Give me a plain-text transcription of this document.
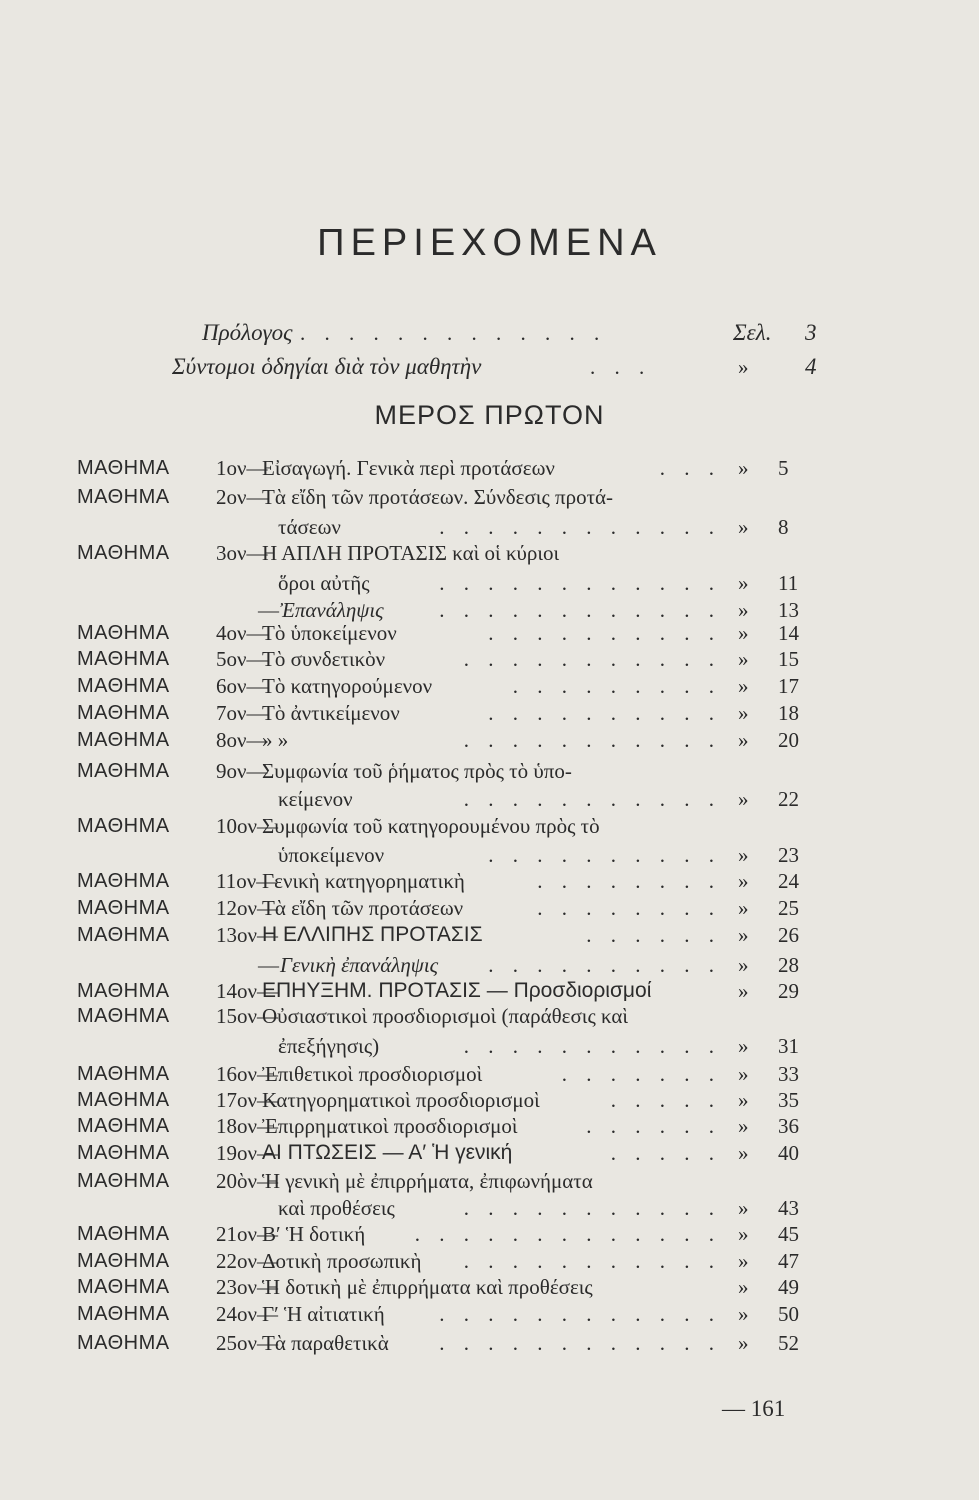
ΠΕΡΙΕΧΟΜΕΝΑ
Πρόλογος . . . . . . . . . . . . .	Σελ. 3
Σύντομοι ὁδηγίαι διὰ τὸν μαθητὴν	. . .	» 4
ΜΕΡΟΣ ΠΡΩΤΟΝ
ΜΑΘΗΜΑ 1ον—
Εἰσαγωγή. Γενικὰ περὶ προτάσεων	. . . » 5
ΜΑΘΗΜΑ 2ον—
Τὰ εἴδη τῶν προτάσεων. Σύνδεσις προτά-
τάσεων	. . . . . . . . . . . . » 8
ΜΑΘΗΜΑ 3ον—
Η ΑΠΛΗ ΠΡΟΤΑΣΙΣ καὶ οἱ κύριοι
ὅροι αὐτῆς	. . . . . . . . . . . . » 11
— Ἐπανάληψις	. . . . . . . . . . . . » 13
ΜΑΘΗΜΑ 4ον—
Τὸ ὑποκείμενον	. . . . . . . . . . » 14
ΜΑΘΗΜΑ 5ον—
Τὸ συνδετικὸν	. . . . . . . . . . . » 15
ΜΑΘΗΜΑ 6ον—
Τὸ κατηγορούμενον	. . . . . . . . . » 17
ΜΑΘΗΜΑ 7ον—
Τὸ ἀντικείμενον	. . . . . . . . . . » 18
ΜΑΘΗΜΑ 8ον—
» »	. . . . . . . . . . . » 20
ΜΑΘΗΜΑ 9ον—
Συμφωνία τοῦ ῥήματος πρὸς τὸ ὑπο-
κείμενον	. . . . . . . . . . . » 22
ΜΑΘΗΜΑ 10ον—
Συμφωνία τοῦ κατηγορουμένου πρὸς τὸ
ὑποκείμενον	. . . . . . . . . . » 23
ΜΑΘΗΜΑ 11ον—
Γενικὴ κατηγορηματικὴ	. . . . . . . . » 24
ΜΑΘΗΜΑ 12ον—
Τὰ εἴδη τῶν προτάσεων	. . . . . . . . » 25
ΜΑΘΗΜΑ 13ον—
Η ΕΛΛΙΠΗΣ ΠΡΟΤΑΣΙΣ	. . . . . . » 26
— Γενικὴ ἐπανάληψις . . . . . . . . . . » 28
ΜΑΘΗΜΑ 14ον—
ΕΠΗΥΞΗΜ. ΠΡΟΤΑΣΙΣ — Προσδιορισμοί	» 29
ΜΑΘΗΜΑ 15ον—
Οὐσιαστικοὶ προσδιορισμοὶ (παράθεσις καὶ
ἐπεξήγησις)	. . . . . . . . . . . » 31
ΜΑΘΗΜΑ 16ον—
Ἐπιθετικοὶ προσδιορισμοὶ	. . . . . . . » 33
ΜΑΘΗΜΑ 17ον—
Κατηγορηματικοὶ προσδιορισμοὶ	. . . . . » 35
ΜΑΘΗΜΑ 18ον—
Ἐπιρρηματικοὶ προσδιορισμοὶ	. . . . . . » 36
ΜΑΘΗΜΑ 19ον—
ΑΙ ΠΤΩΣΕΙΣ — Α′ Ἡ γενική	. . . . . » 40
ΜΑΘΗΜΑ 20ὸν—
Ἡ γενικὴ μὲ ἐπιρρήματα, ἐπιφωνήματα
καὶ προθέσεις	. . . . . . . . . . . » 43
ΜΑΘΗΜΑ 21ον—
Β′ Ἡ δοτική . . . . . . . . . . . . . » 45
ΜΑΘΗΜΑ 22ον—
Δοτικὴ προσωπικὴ . . . . . . . . . . . » 47
ΜΑΘΗΜΑ 23ον—
Ἡ δοτικὴ μὲ ἐπιρρήματα καὶ προθέσεις	» 49
ΜΑΘΗΜΑ 24ον—
Γ′ Ἡ αἰτιατική	. . . . . . . . . . . . » 50
ΜΑΘΗΜΑ 25ον—
Τὰ παραθετικὰ . . . . . . . . . . . . » 52
— 161
